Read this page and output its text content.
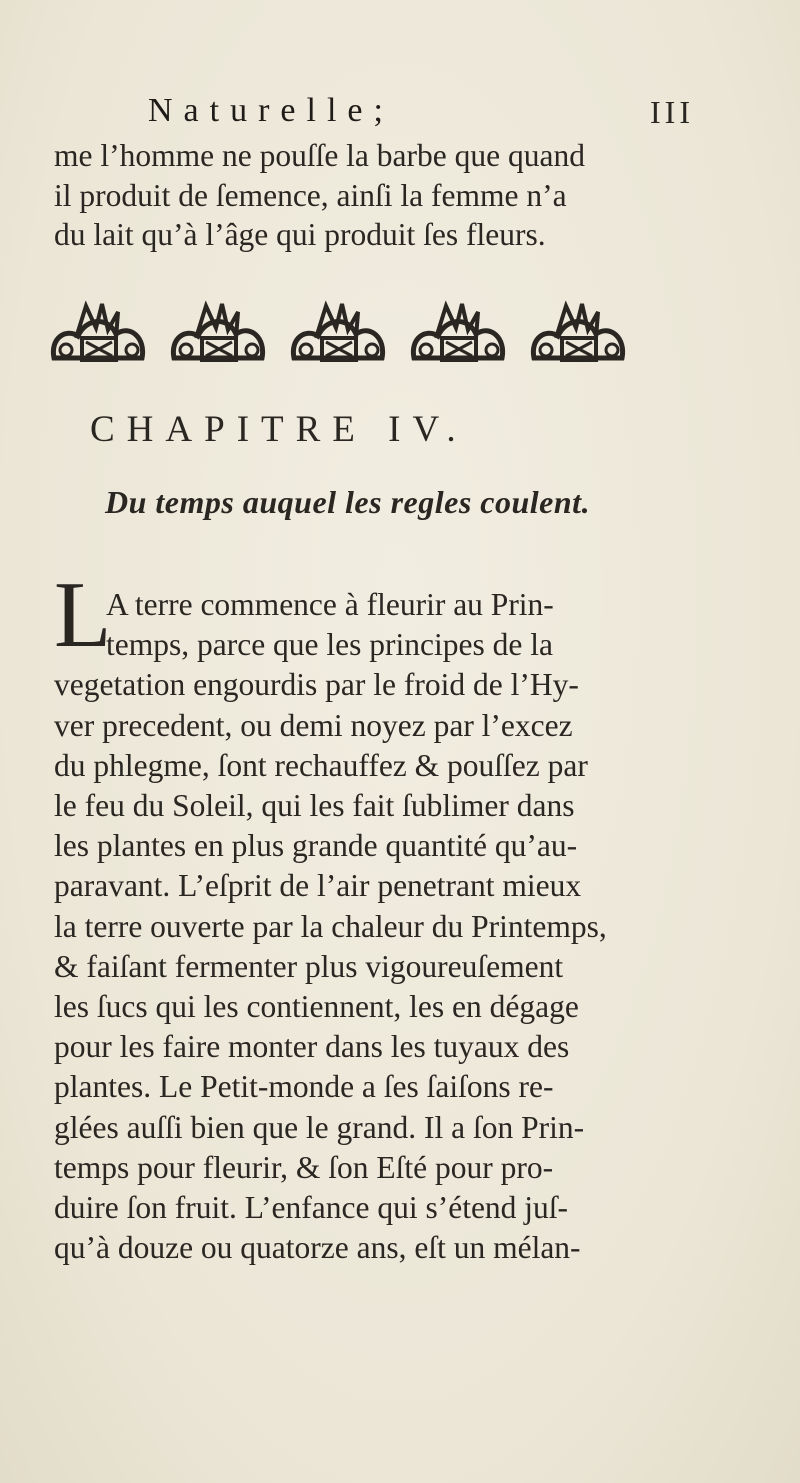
Naturelle;	III
me l’homme ne pouſſe la barbe que quand
il produit de ſemence, ainſi la femme n’a
du lait qu’à l’âge qui produit ſes fleurs.
CHAPITRE IV.
Du temps auquel les regles coulent.
L
A terre commence à fleurir au Prin-
temps, parce que les principes de la
vegetation engourdis par le froid de l’Hy-
ver precedent, ou demi noyez par l’excez
du phlegme, ſont rechauffez & pouſſez par
le feu du Soleil, qui les fait ſublimer dans
les plantes en plus grande quantité qu’au-
paravant. L’eſprit de l’air penetrant mieux
la terre ouverte par la chaleur du Printemps,
& faiſant fermenter plus vigoureuſement
les ſucs qui les contiennent, les en dégage
pour les faire monter dans les tuyaux des
plantes. Le Petit-monde a ſes ſaiſons re-
glées auſſi bien que le grand. Il a ſon Prin-
temps pour fleurir, & ſon Eſté pour pro-
duire ſon fruit. L’enfance qui s’étend juſ-
qu’à douze ou quatorze ans, eſt un mélan-
